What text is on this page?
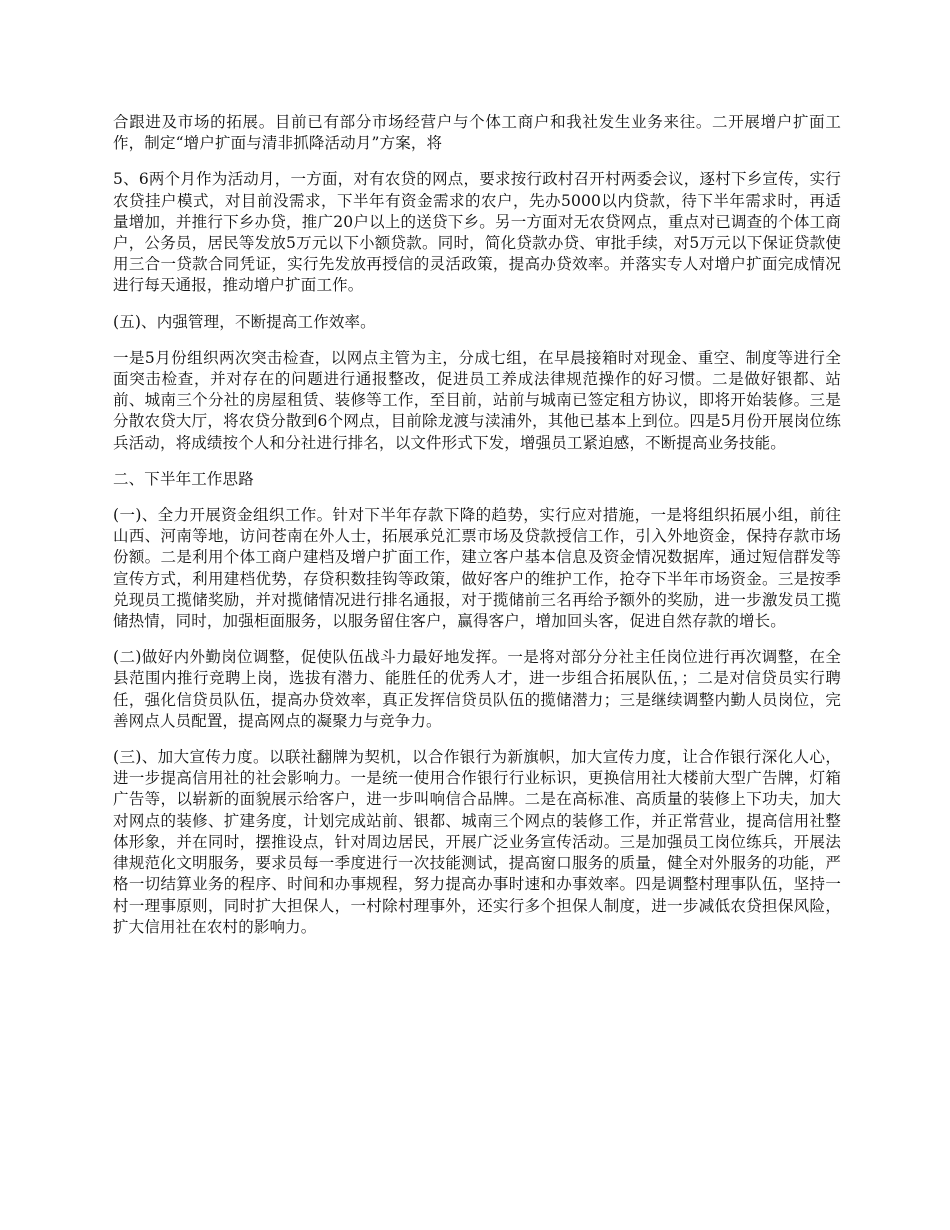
合跟进及市场的拓展。目前已有部分市场经营户与个体工商户和我社发生业务来往。二开展增户扩面工作，制定“增户扩面与清非抓降活动月”方案，将

5、6两个月作为活动月，一方面，对有农贷的网点，要求按行政村召开村两委会议，逐村下乡宣传，实行农贷挂户模式，对目前没需求，下半年有资金需求的农户，先办5000以内贷款，待下半年需求时，再适量增加，并推行下乡办贷，推广20户以上的送贷下乡。另一方面对无农贷网点，重点对已调查的个体工商户，公务员，居民等发放5万元以下小额贷款。同时，简化贷款办贷、审批手续，对5万元以下保证贷款使用三合一贷款合同凭证，实行先发放再授信的灵活政策，提高办贷效率。并落实专人对增户扩面完成情况进行每天通报，推动增户扩面工作。

(五)、内强管理，不断提高工作效率。

一是5月份组织两次突击检查，以网点主管为主，分成七组，在早晨接箱时对现金、重空、制度等进行全面突击检查，并对存在的问题进行通报整改，促进员工养成法律规范操作的好习惯。二是做好银都、站前、城南三个分社的房屋租赁、装修等工作，至目前，站前与城南已签定租方协议，即将开始装修。三是分散农贷大厅，将农贷分散到6个网点，目前除龙渡与渎浦外，其他已基本上到位。四是5月份开展岗位练兵活动，将成绩按个人和分社进行排名，以文件形式下发，增强员工紧迫感，不断提高业务技能。

二、下半年工作思路

(一)、全力开展资金组织工作。针对下半年存款下降的趋势，实行应对措施，一是将组织拓展小组，前往山西、河南等地，访问苍南在外人士，拓展承兑汇票市场及贷款授信工作，引入外地资金，保持存款市场份额。二是利用个体工商户建档及增户扩面工作，建立客户基本信息及资金情况数据库，通过短信群发等宣传方式，利用建档优势，存贷积数挂钩等政策，做好客户的维护工作，抢夺下半年市场资金。三是按季兑现员工揽储奖励，并对揽储情况进行排名通报，对于揽储前三名再给予额外的奖励，进一步激发员工揽储热情，同时，加强柜面服务，以服务留住客户，赢得客户，增加回头客，促进自然存款的增长。

(二)做好内外勤岗位调整，促使队伍战斗力最好地发挥。一是将对部分分社主任岗位进行再次调整，在全县范围内推行竞聘上岗，选拔有潜力、能胜任的优秀人才，进一步组合拓展队伍，；二是对信贷员实行聘任，强化信贷员队伍，提高办贷效率，真正发挥信贷员队伍的揽储潜力；三是继续调整内勤人员岗位，完善网点人员配置，提高网点的凝聚力与竞争力。

(三)、加大宣传力度。以联社翻牌为契机，以合作银行为新旗帜，加大宣传力度，让合作银行深化人心，进一步提高信用社的社会影响力。一是统一使用合作银行行业标识，更换信用社大楼前大型广告牌，灯箱广告等，以崭新的面貌展示给客户，进一步叫响信合品牌。二是在高标准、高质量的装修上下功夫，加大对网点的装修、扩建务度，计划完成站前、银都、城南三个网点的装修工作，并正常营业，提高信用社整体形象，并在同时，摆推设点，针对周边居民，开展广泛业务宣传活动。三是加强员工岗位练兵，开展法律规范化文明服务，要求员每一季度进行一次技能测试，提高窗口服务的质量，健全对外服务的功能，严格一切结算业务的程序、时间和办事规程，努力提高办事时速和办事效率。四是调整村理事队伍，坚持一村一理事原则，同时扩大担保人，一村除村理事外，还实行多个担保人制度，进一步减低农贷担保风险，扩大信用社在农村的影响力。
